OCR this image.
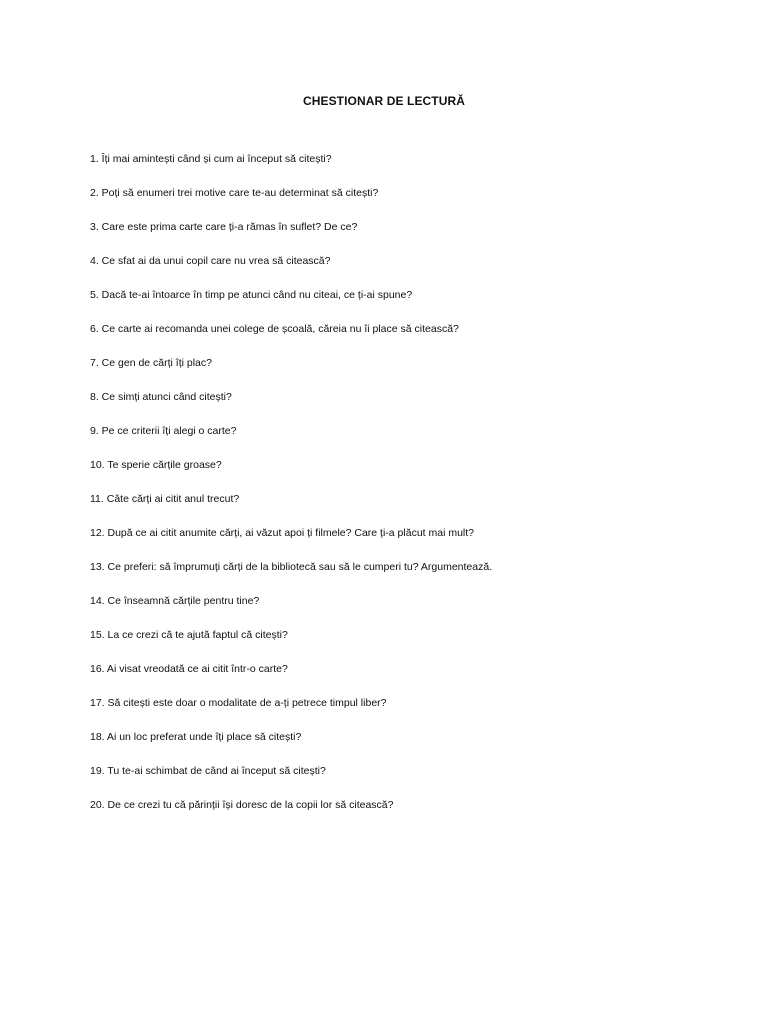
CHESTIONAR DE LECTURĂ
1. Îți mai amintești când și cum ai început să citești?
2. Poți să enumeri trei motive care te-au determinat să citești?
3. Care este prima carte care ți-a rămas în suflet? De ce?
4. Ce sfat ai da unui copil care nu vrea să citească?
5. Dacă te-ai întoarce în timp pe atunci când nu citeai, ce ți-ai spune?
6. Ce carte ai recomanda unei colege de școală, căreia nu îi place să citească?
7. Ce gen de cărți îți plac?
8. Ce simți atunci când citești?
9. Pe ce criterii îți alegi o carte?
10. Te sperie cărțile groase?
11. Câte cărți ai citit anul trecut?
12. După ce ai citit anumite cărți, ai văzut apoi ți filmele? Care ți-a plăcut mai mult?
13. Ce preferi: să împrumuți cărți de la bibliotecă sau să le cumperi tu? Argumentează.
14. Ce înseamnă cărțile pentru tine?
15. La ce crezi că te ajută faptul că citești?
16. Ai visat vreodată ce ai citit într-o carte?
17. Să citești este doar o modalitate de a-ți petrece timpul liber?
18. Ai un loc preferat unde îți place să citești?
19. Tu te-ai schimbat de când ai început să citești?
20. De ce crezi tu că părinții își doresc de la copii lor să citească?
